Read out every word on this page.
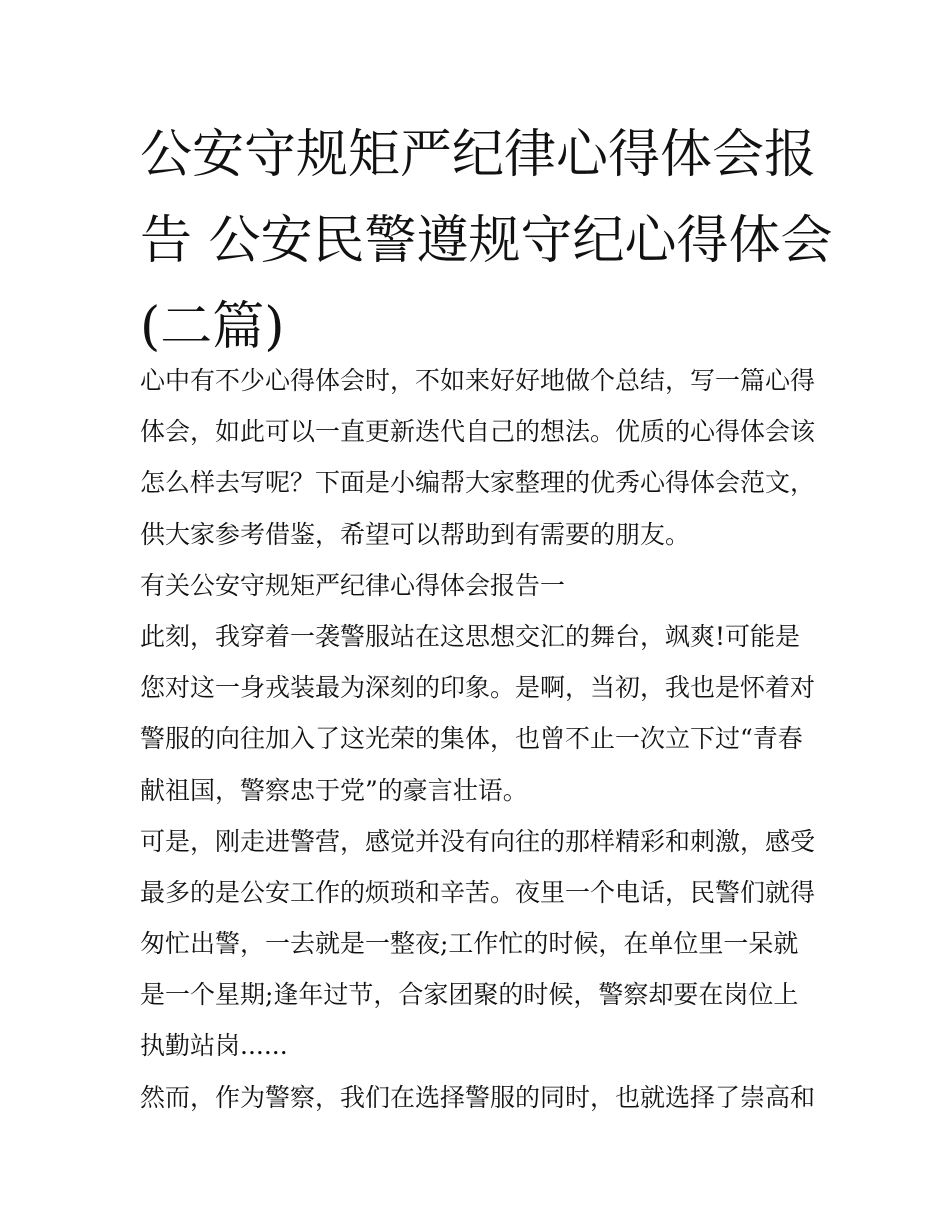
公安守规矩严纪律心得体会报
告 公安民警遵规守纪心得体会
(二篇)
心中有不少心得体会时，不如来好好地做个总结，写一篇心得
体会，如此可以一直更新迭代自己的想法。优质的心得体会该
怎么样去写呢？下面是小编帮大家整理的优秀心得体会范文，
供大家参考借鉴，希望可以帮助到有需要的朋友。
有关公安守规矩严纪律心得体会报告一
此刻，我穿着一袭警服站在这思想交汇的舞台，飒爽!可能是
您对这一身戎装最为深刻的印象。是啊，当初，我也是怀着对
警服的向往加入了这光荣的集体，也曾不止一次立下过“青春
献祖国，警察忠于党”的豪言壮语。
可是，刚走进警营，感觉并没有向往的那样精彩和刺激，感受
最多的是公安工作的烦琐和辛苦。夜里一个电话，民警们就得
匆忙出警，一去就是一整夜;工作忙的时候，在单位里一呆就
是一个星期;逢年过节，合家团聚的时候，警察却要在岗位上
执勤站岗......
然而，作为警察，我们在选择警服的同时，也就选择了崇高和
